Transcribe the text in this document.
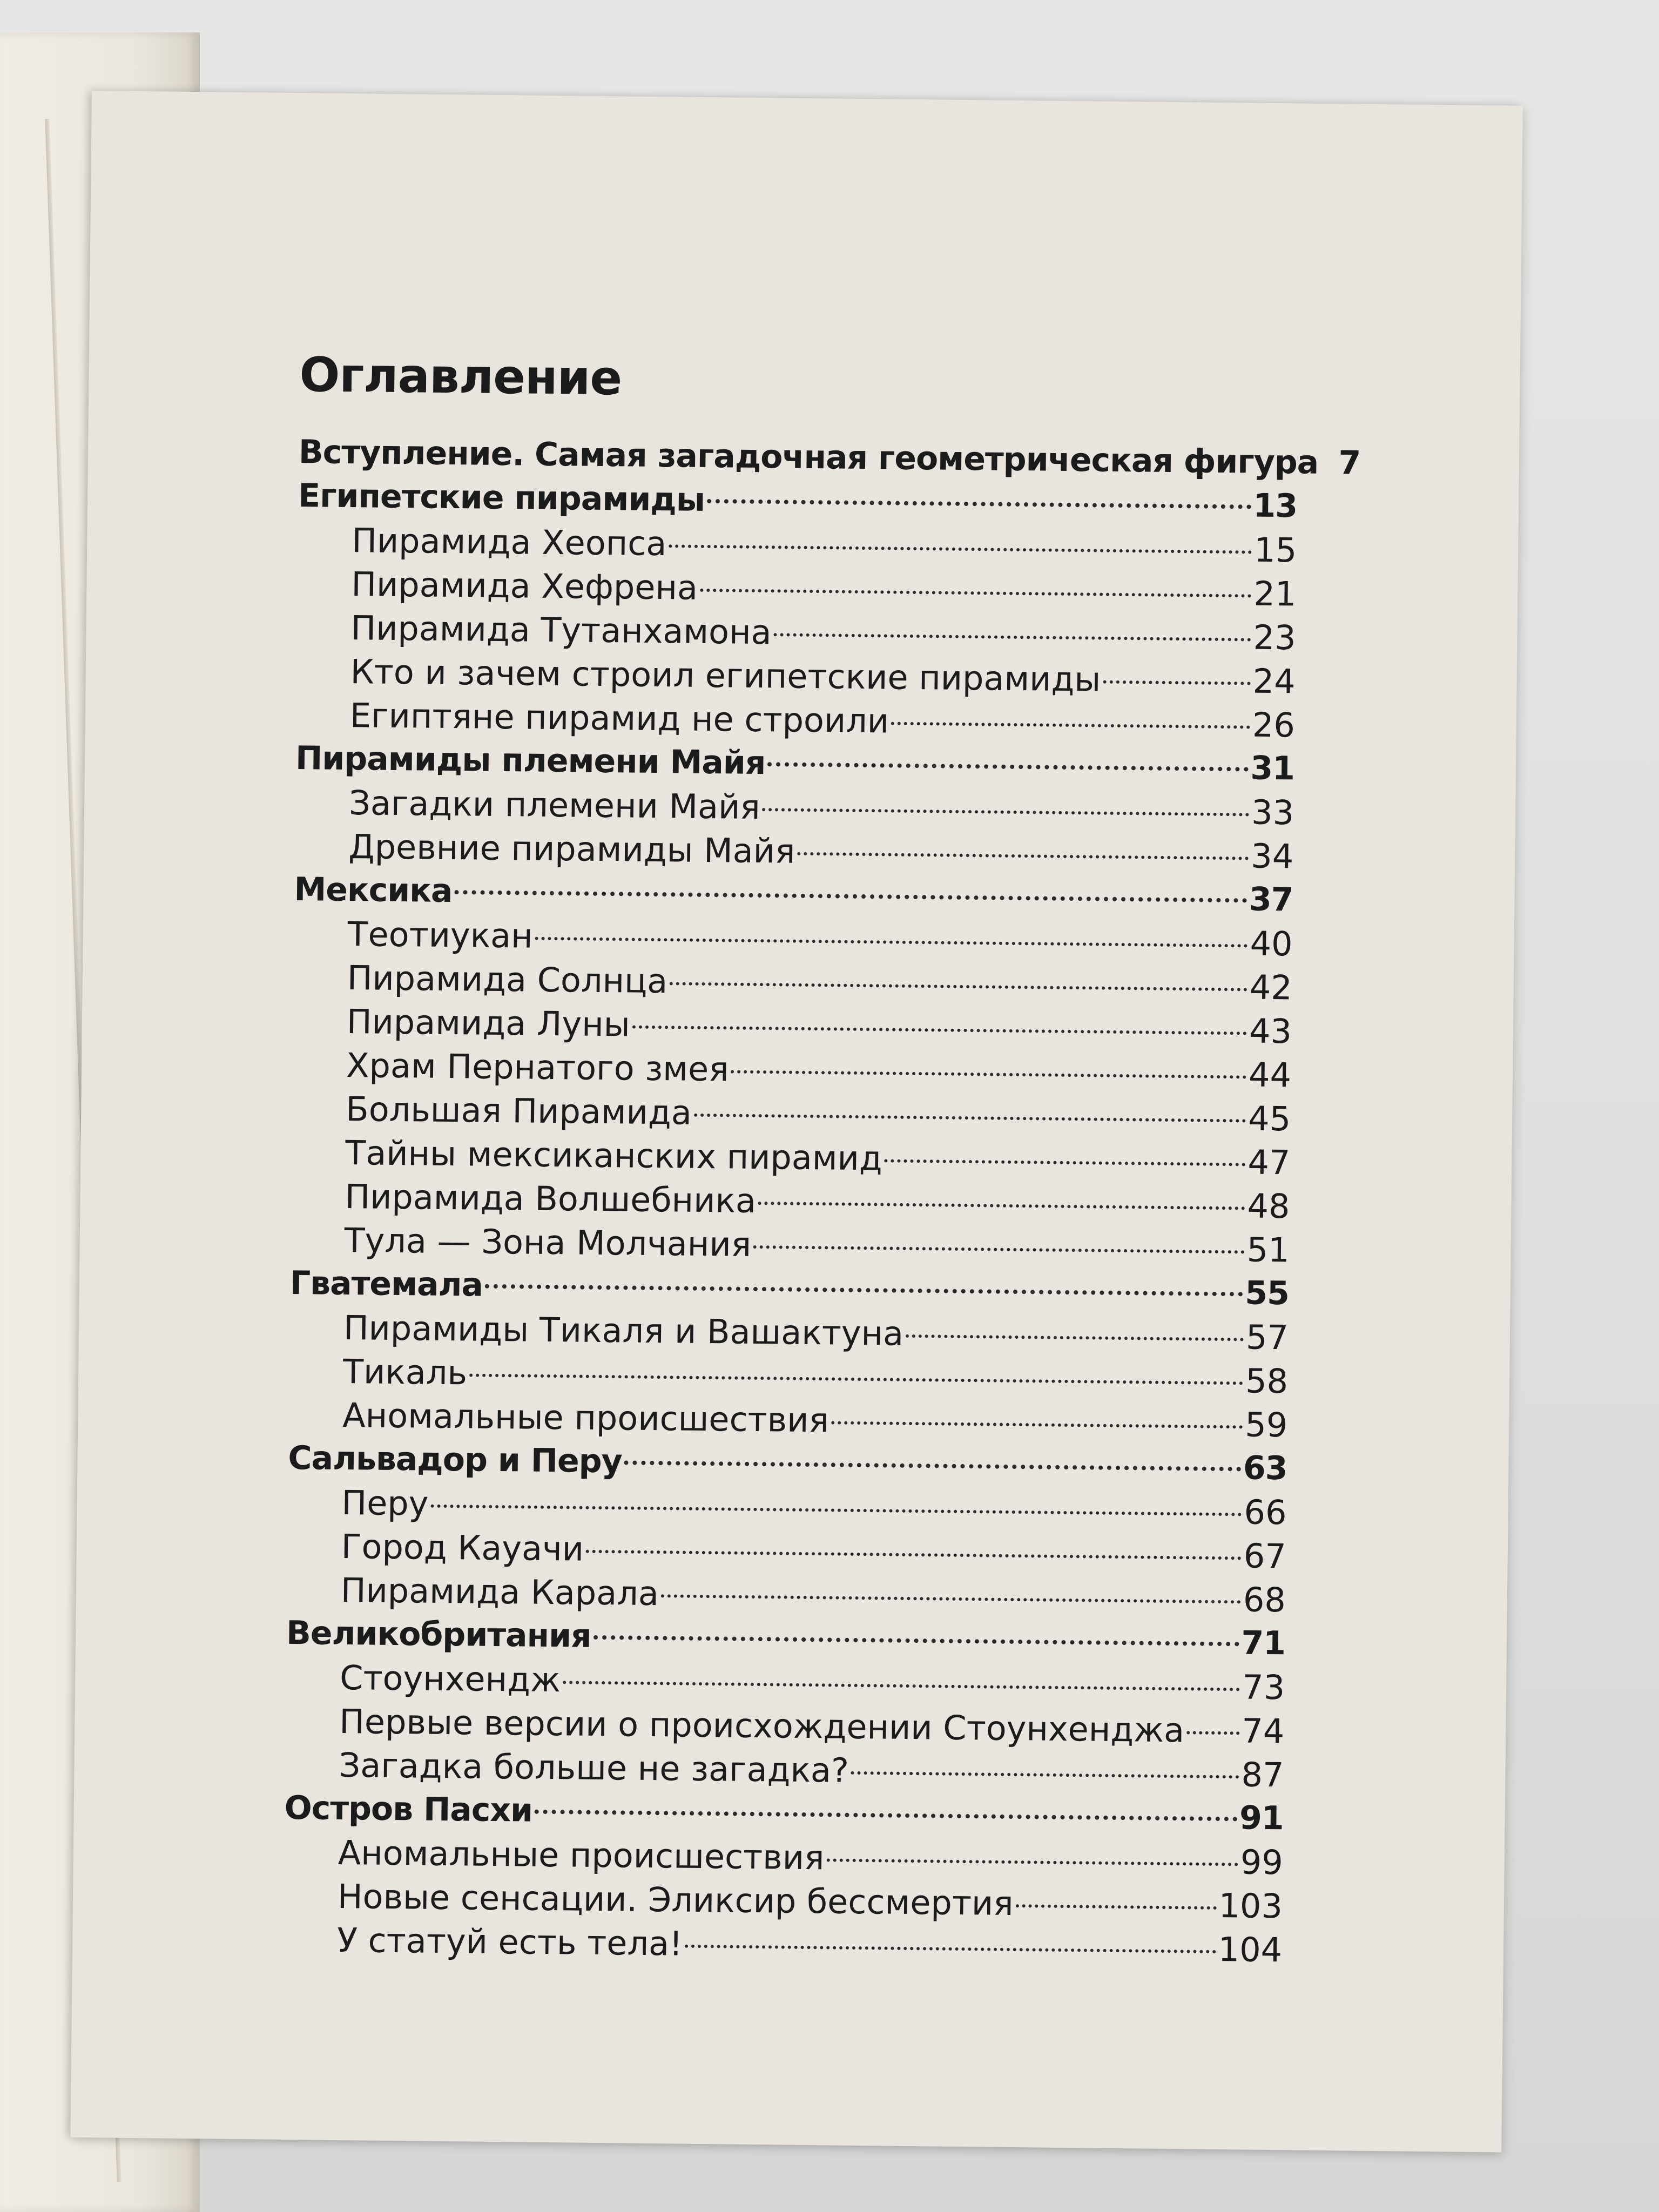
Оглавление
Вступление. Самая загадочная геометрическая фигура 7
Египетские пирамиды	13
Пирамида Хеопса	15
Пирамида Хефрена	21
Пирамида Тутанхамона	23
Кто и зачем строил египетские пирамиды	24
Египтяне пирамид не строили	26
Пирамиды племени Майя	31
Загадки племени Майя	33
Древние пирамиды Майя	34
Мексика	37
Теотиукан	40
Пирамида Солнца	42
Пирамида Луны	43
Храм Пернатого змея	44
Большая Пирамида	45
Тайны мексиканских пирамид	47
Пирамида Волшебника	48
Тула — Зона Молчания	51
Гватемала	55
Пирамиды Тикаля и Вашактуна	57
Тикаль	58
Аномальные происшествия	59
Сальвадор и Перу	63
Перу	66
Город Кауачи	67
Пирамида Карала	68
Великобритания	71
Стоунхендж	73
Первые версии о происхождении Стоунхенджа 74
Загадка больше не загадка?	87
Остров Пасхи	91
Аномальные происшествия	99
Новые сенсации. Эликсир бессмертия	103
У статуй есть тела!	104
